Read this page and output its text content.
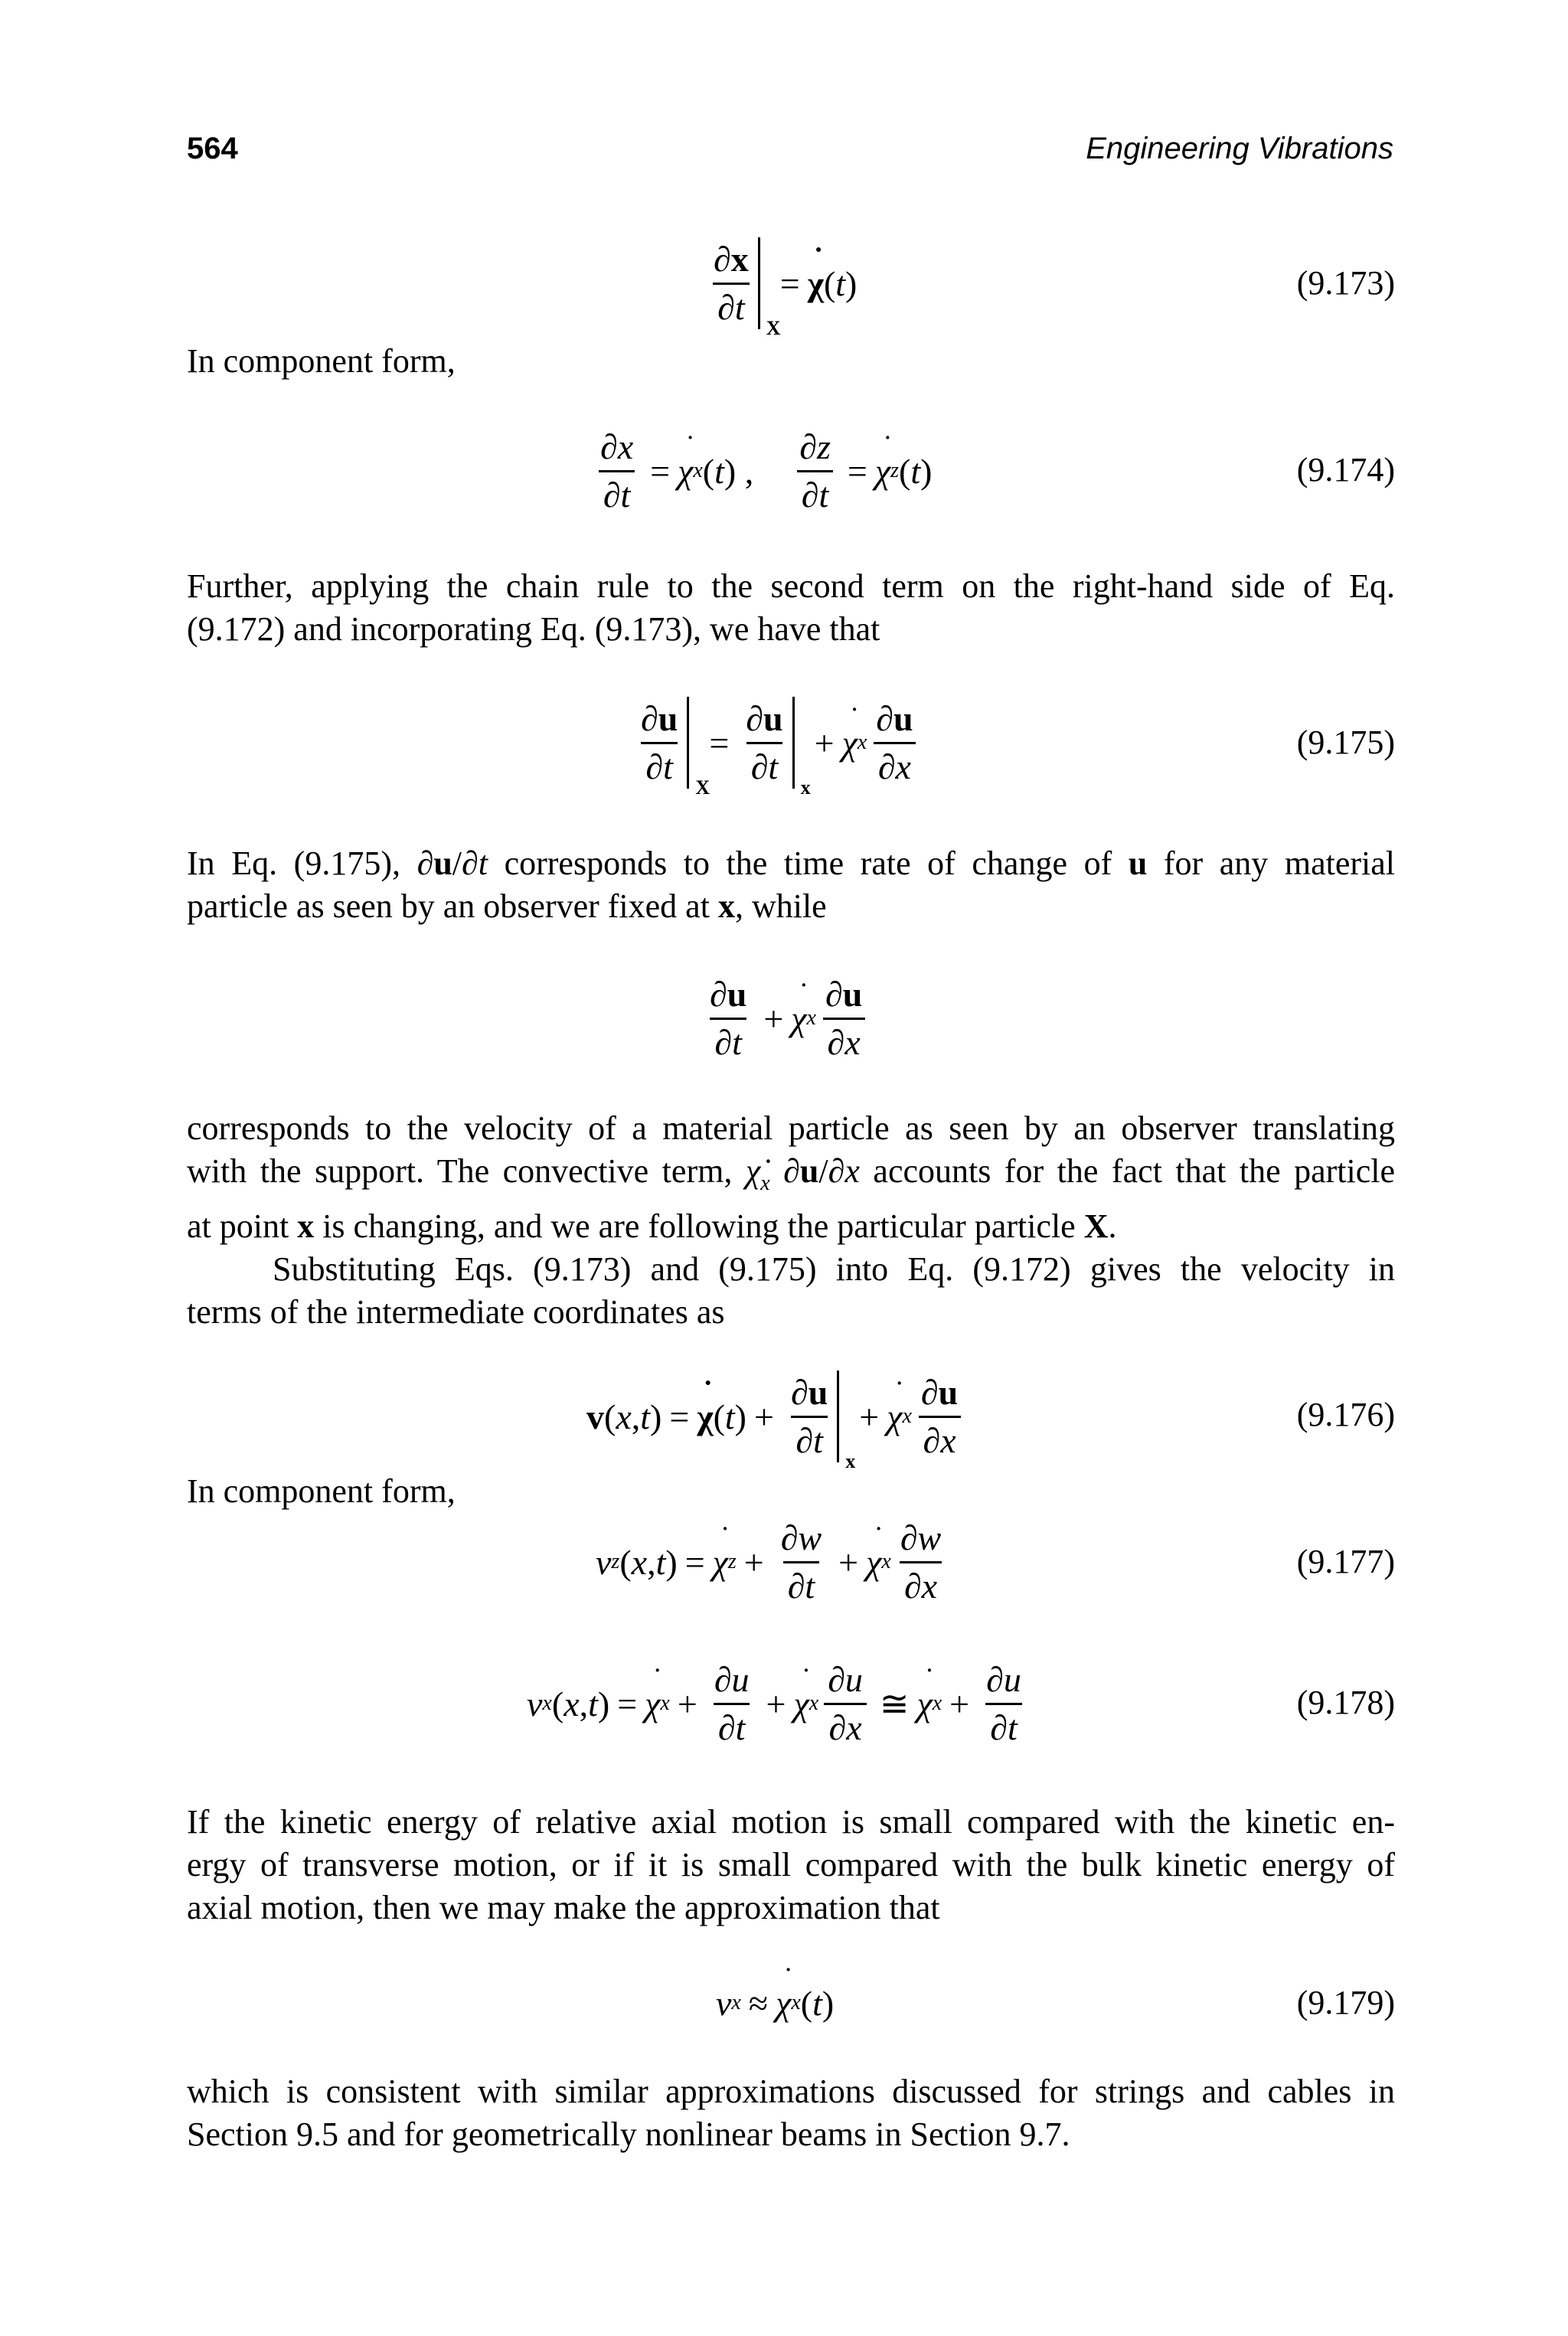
564	Engineering Vibrations
$\frac{\partial x}{\partial t}$ X
= ˙ χ ( t )	(9.173)
In component form,
$\frac{\partial x}{\partial t}$ = ˙ χ x ( t ) , $\frac{\partial z}{\partial t}$ = ˙ χ z ( t )	(9.174)
Further, applying the chain rule to the second term on the right-hand side of Eq.
(9.172) and incorporating Eq. (9.173), we have that
$\frac{\partial u}{\partial t}$ X
= $\frac{\partial u}{\partial t}$ x
+ ˙ χ x $\frac{\partial u}{\partial x}$	(9.175)
In Eq. (9.175), ∂u/∂t corresponds to the time rate of change of u for any material
particle as seen by an observer fixed at x, while
$\frac{\partial u}{\partial t}$ + ˙ χ x $\frac{\partial u}{\partial x}$
corresponds to the velocity of a material particle as seen by an observer translating
with the support. The convective term, $\chi̇_x$ ∂u/∂x accounts for the fact that the particle
at point x is changing, and we are following the particular particle X.
Substituting Eqs. (9.173) and (9.175) into Eq. (9.172) gives the velocity in
terms of the intermediate coordinates as
v ( x , t ) = ˙ χ ( t ) + $\frac{\partial u}{\partial t}$ x
+ ˙ χ x $\frac{\partial u}{\partial x}$	(9.176)
In component form,
v z ( x , t ) = ˙ χ $z + \frac{\partial w}{\partial t}$ + ˙ χ x $\frac{\partial w}{\partial x}$	(9.177)
v x ( x , t ) = ˙ χ $x + \frac{\partial u}{\partial t}$ + ˙ χ x $\frac{\partial u}{\partial x}$ ≅ ˙ χ $x + \frac{\partial u}{\partial t}$	(9.178)
If the kinetic energy of relative axial motion is small compared with the kinetic en-
ergy of transverse motion, or if it is small compared with the bulk kinetic energy of
axial motion, then we may make the approximation that
v x ≈ ˙ χ x ( t )	(9.179)
which is consistent with similar approximations discussed for strings and cables in
Section 9.5 and for geometrically nonlinear beams in Section 9.7.
